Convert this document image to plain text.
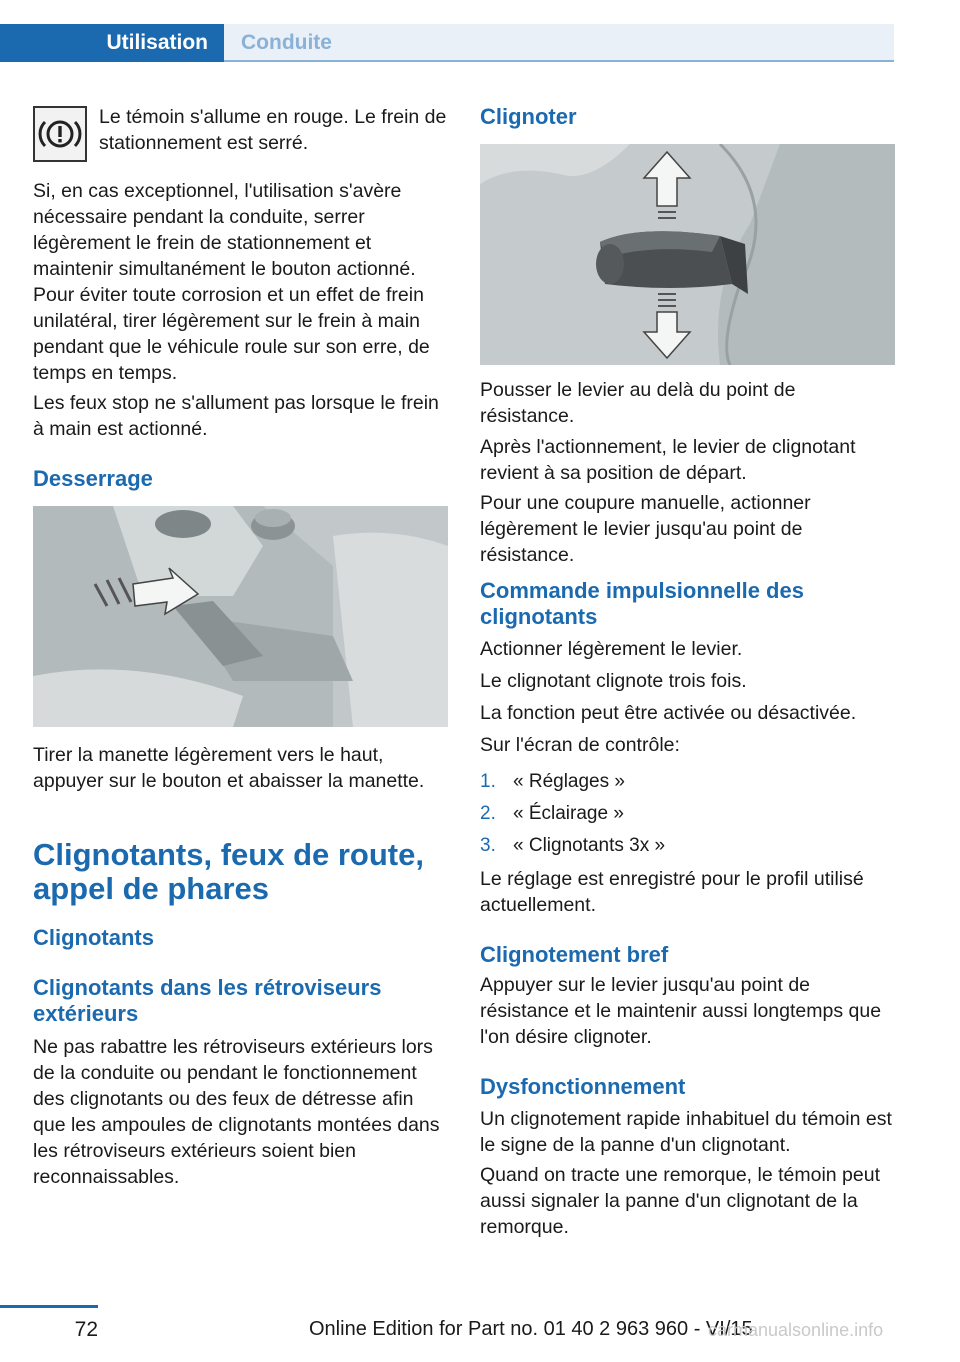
Utilisation	Conduite

Le témoin s'allume en rouge. Le frein de stationnement est serré.

Si, en cas exceptionnel, l'utilisation s'avère nécessaire pendant la conduite, serrer légèrement le frein de stationnement et maintenir simultanément le bouton actionné.

Pour éviter toute corrosion et un effet de frein unilatéral, tirer légèrement sur le frein à main pendant que le véhicule roule sur son erre, de temps en temps.

Les feux stop ne s'allument pas lorsque le frein à main est actionné.

Desserrage

Tirer la manette légèrement vers le haut, appuyer sur le bouton et abaisser la manette.

Clignotants, feux de route, appel de phares
Clignotants
Clignotants dans les rétroviseurs extérieurs

Ne pas rabattre les rétroviseurs extérieurs lors de la conduite ou pendant le fonctionnement des clignotants ou des feux de détresse afin que les ampoules de clignotants montées dans les rétroviseurs extérieurs soient bien reconnaissables.

Clignoter

Pousser le levier au delà du point de résistance.

Après l'actionnement, le levier de clignotant revient à sa position de départ.

Pour une coupure manuelle, actionner légèrement le levier jusqu'au point de résistance.

Commande impulsionnelle des clignotants

Actionner légèrement le levier.

Le clignotant clignote trois fois.

La fonction peut être activée ou désactivée.

Sur l'écran de contrôle:

1. « Réglages »
2. « Éclairage »
3. « Clignotants 3x »

Le réglage est enregistré pour le profil utilisé actuellement.

Clignotement bref

Appuyer sur le levier jusqu'au point de résistance et le maintenir aussi longtemps que l'on désire clignoter.

Dysfonctionnement

Un clignotement rapide inhabituel du témoin est le signe de la panne d'un clignotant.

Quand on tracte une remorque, le témoin peut aussi signaler la panne d'un clignotant de la remorque.

72	Online Edition for Part no. 01 40 2 963 960 - VI/15
carmanualsonline.info
